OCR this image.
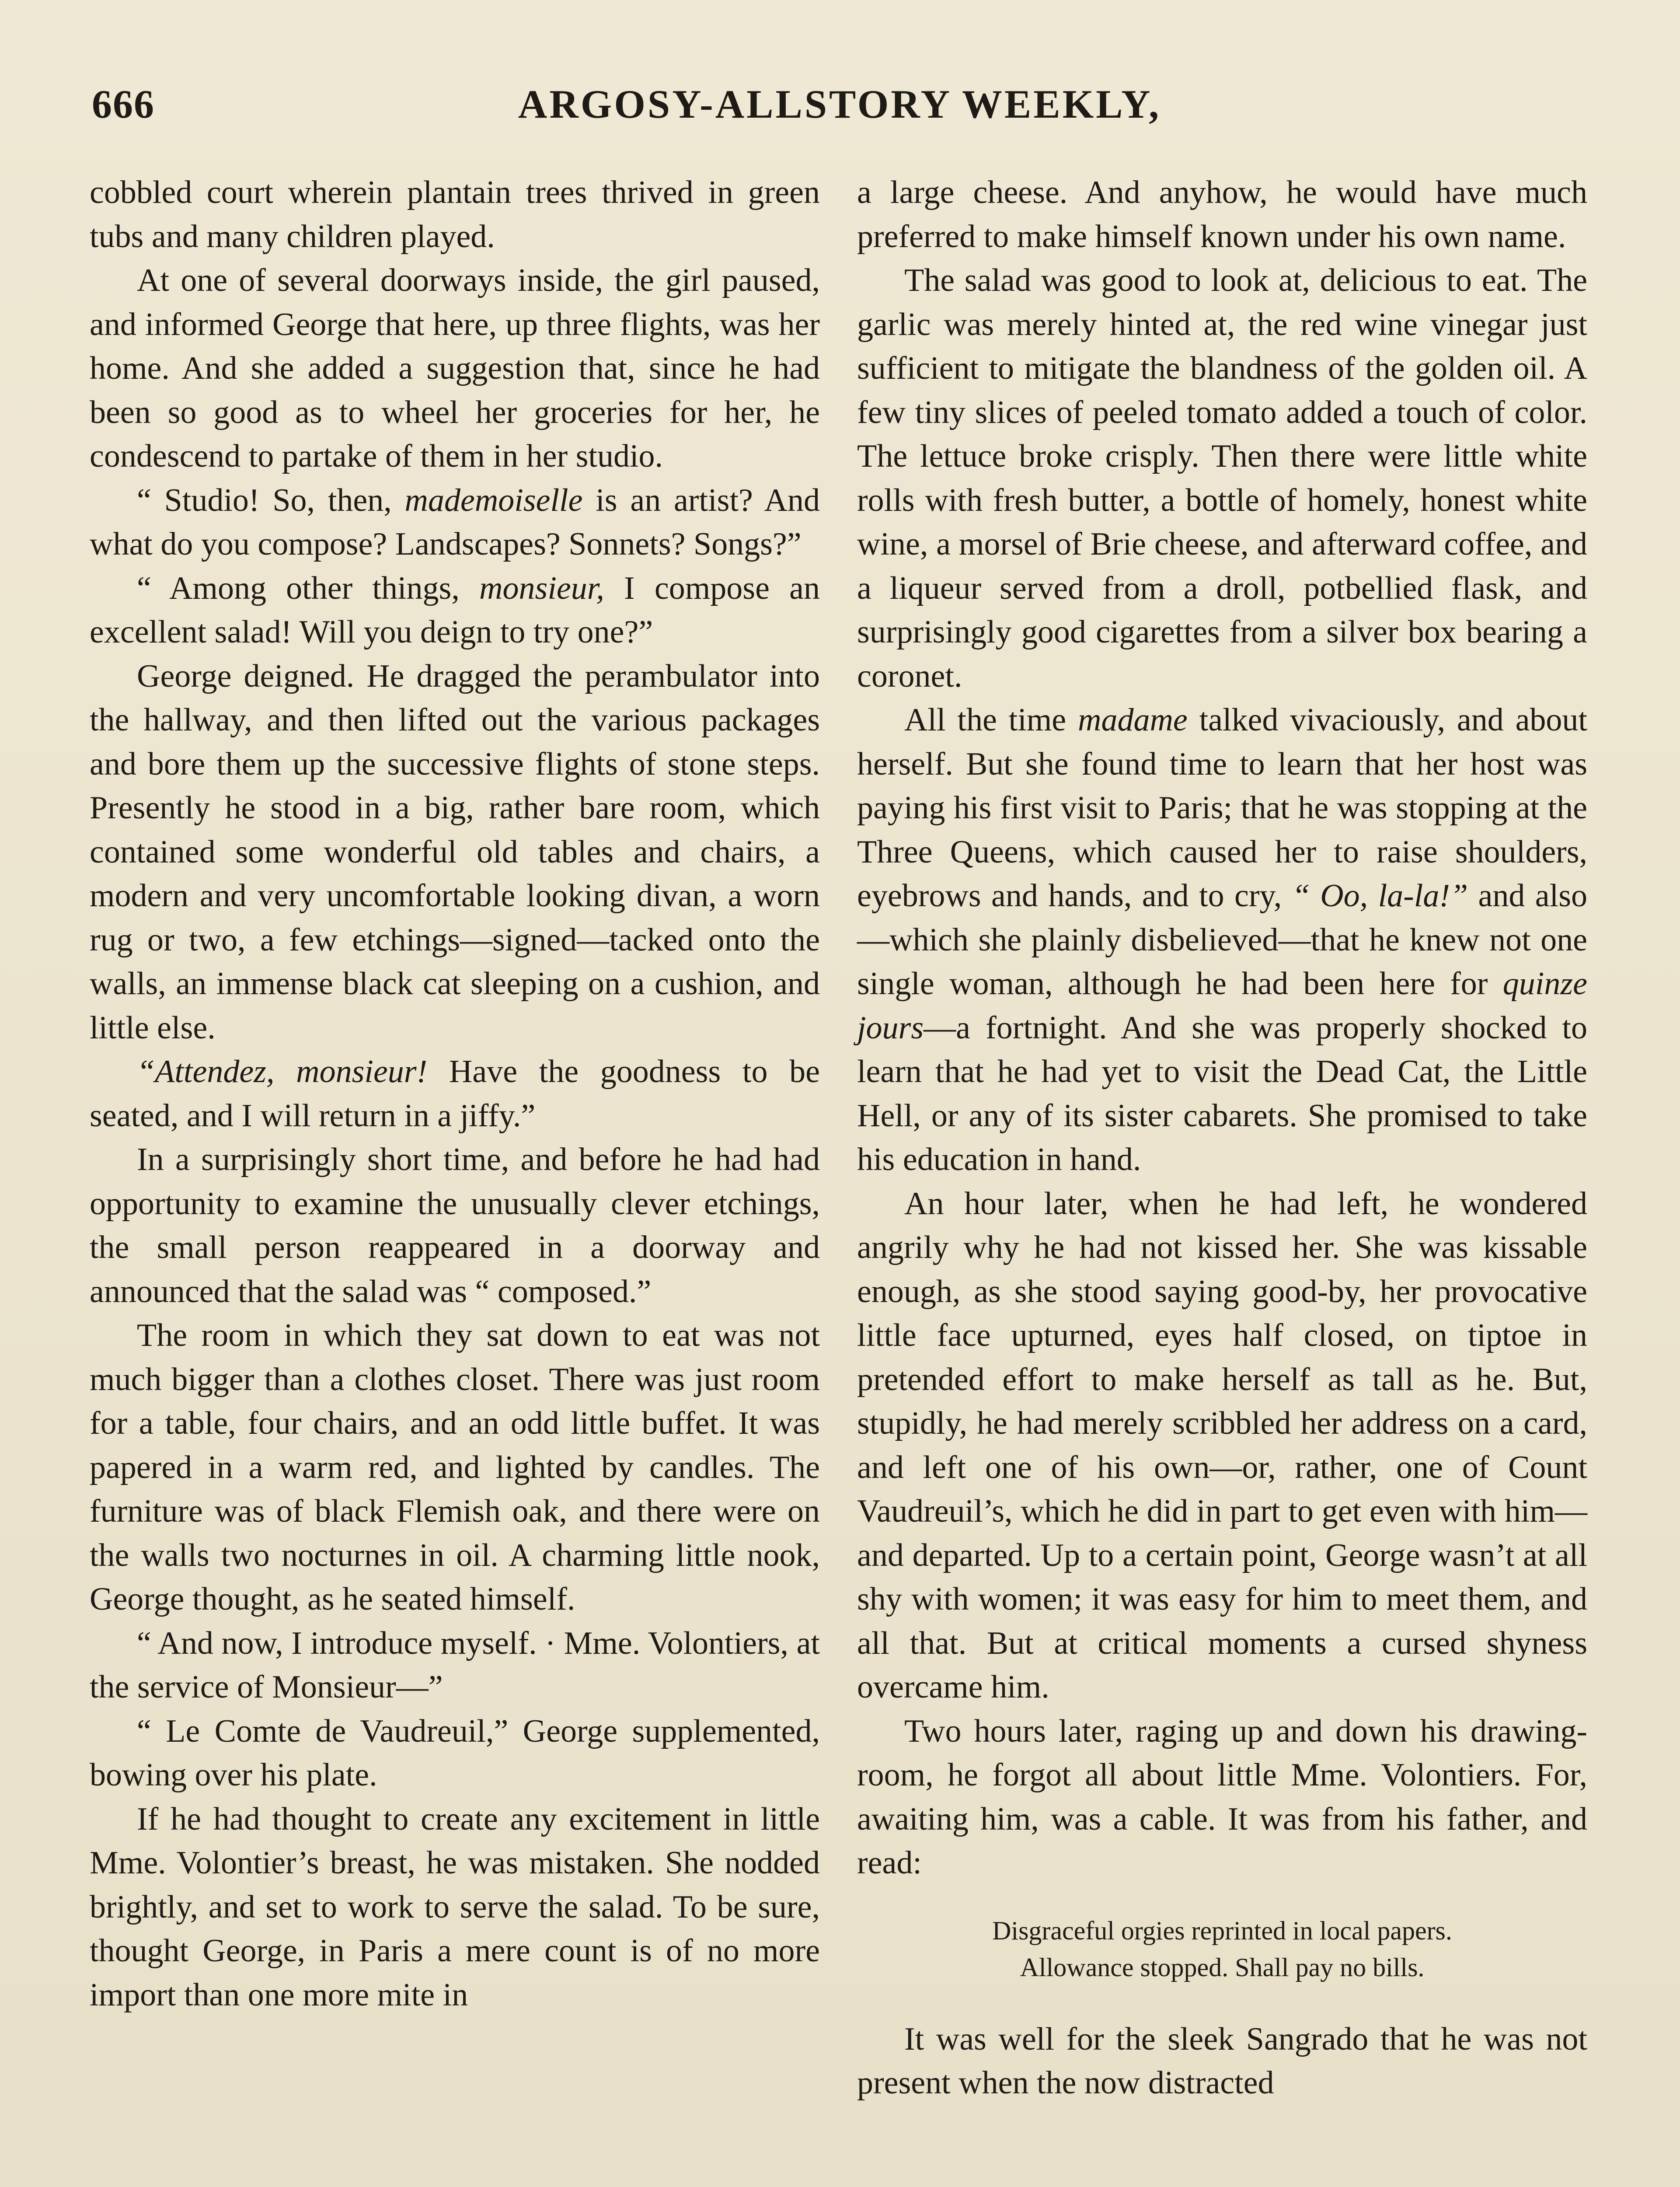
666	ARGOSY-ALLSTORY WEEKLY,

cobbled court wherein plantain trees thrived in green tubs and many children played.

At one of several doorways inside, the girl paused, and informed George that here, up three flights, was her home. And she added a suggestion that, since he had been so good as to wheel her groceries for her, he condescend to partake of them in her studio.

“ Studio! So, then, mademoiselle is an artist? And what do you compose? Landscapes? Sonnets? Songs?”

“ Among other things, monsieur, I compose an excellent salad! Will you deign to try one?”

George deigned. He dragged the perambulator into the hallway, and then lifted out the various packages and bore them up the successive flights of stone steps. Presently he stood in a big, rather bare room, which contained some wonderful old tables and chairs, a modern and very uncomfortable looking divan, a worn rug or two, a few etchings—signed—tacked onto the walls, an immense black cat sleeping on a cushion, and little else.

“Attendez, monsieur! Have the goodness to be seated, and I will return in a jiffy.”

In a surprisingly short time, and before he had had opportunity to examine the unusually clever etchings, the small person reappeared in a doorway and announced that the salad was “ composed.”

The room in which they sat down to eat was not much bigger than a clothes closet. There was just room for a table, four chairs, and an odd little buffet. It was papered in a warm red, and lighted by candles. The furniture was of black Flemish oak, and there were on the walls two nocturnes in oil. A charming little nook, George thought, as he seated himself.

“ And now, I introduce myself. · Mme. Volontiers, at the service of Monsieur—”

“ Le Comte de Vaudreuil,” George supplemented, bowing over his plate.

If he had thought to create any excitement in little Mme. Volontier’s breast, he was mistaken. She nodded brightly, and set to work to serve the salad. To be sure, thought George, in Paris a mere count is of no more import than one more mite in

a large cheese. And anyhow, he would have much preferred to make himself known under his own name.

The salad was good to look at, delicious to eat. The garlic was merely hinted at, the red wine vinegar just sufficient to mitigate the blandness of the golden oil. A few tiny slices of peeled tomato added a touch of color. The lettuce broke crisply. Then there were little white rolls with fresh butter, a bottle of homely, honest white wine, a morsel of Brie cheese, and afterward coffee, and a liqueur served from a droll, potbellied flask, and surprisingly good cigarettes from a silver box bearing a coronet.

All the time madame talked vivaciously, and about herself. But she found time to learn that her host was paying his first visit to Paris; that he was stopping at the Three Queens, which caused her to raise shoulders, eyebrows and hands, and to cry, “ Oo, la-la!” and also—which she plainly disbelieved—that he knew not one single woman, although he had been here for quinze jours—a fortnight. And she was properly shocked to learn that he had yet to visit the Dead Cat, the Little Hell, or any of its sister cabarets. She promised to take his education in hand.

An hour later, when he had left, he wondered angrily why he had not kissed her. She was kissable enough, as she stood saying good-by, her provocative little face upturned, eyes half closed, on tiptoe in pretended effort to make herself as tall as he. But, stupidly, he had merely scribbled her address on a card, and left one of his own—or, rather, one of Count Vaudreuil’s, which he did in part to get even with him—and departed. Up to a certain point, George wasn’t at all shy with women; it was easy for him to meet them, and all that. But at critical moments a cursed shyness overcame him.

Two hours later, raging up and down his drawing-room, he forgot all about little Mme. Volontiers. For, awaiting him, was a cable. It was from his father, and read:

Disgraceful orgies reprinted in local papers.
Allowance stopped. Shall pay no bills.

It was well for the sleek Sangrado that he was not present when the now distracted
